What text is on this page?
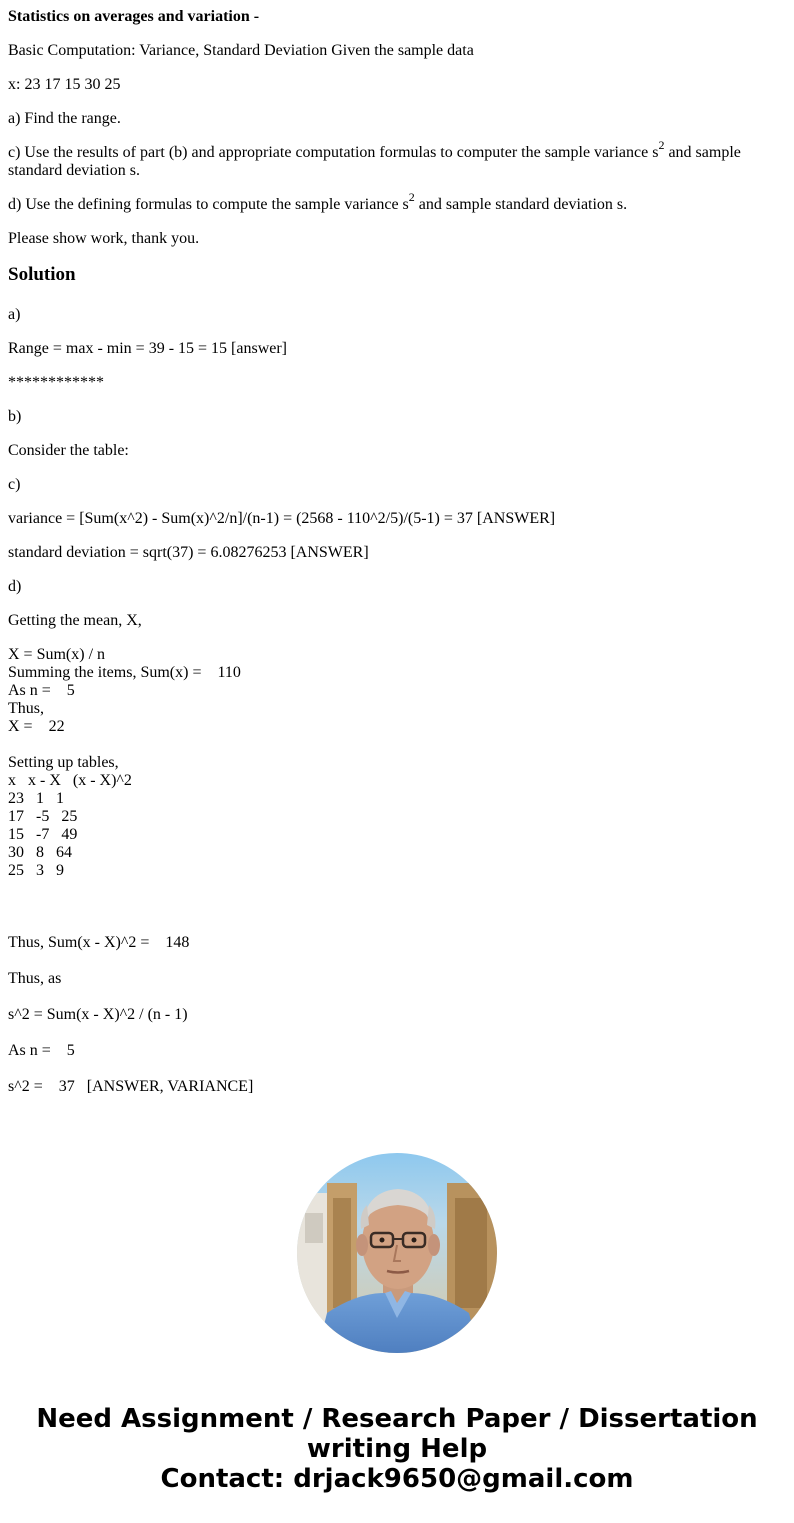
Statistics on averages and variation -

Basic Computation: Variance, Standard Deviation Given the sample data

x: 23 17 15 30 25

a) Find the range.

c) Use the results of part (b) and appropriate computation formulas to computer the sample variance $s^2$ and sample standard deviation s.

d) Use the defining formulas to compute the sample variance $s^2$ and sample standard deviation s.

Please show work, thank you.

Solution

a)

Range = max - min = 39 - 15 = 15 [answer]

************

b)

Consider the table:

c)

variance = [Sum(x^2) - Sum(x)^2/n]/(n-1) = (2568 - 110^2/5)/(5-1) = 37 [ANSWER]

standard deviation = sqrt(37) = 6.08276253 [ANSWER]

d)

Getting the mean, X,

X = Sum(x) / n
Summing the items, Sum(x) =    110
As n =    5
Thus,
X =    22
Setting up tables,
x   x - X   (x - X)^2
23   1   1
17   -5   25
15   -7   49
30   8   64
25   3   9

Thus, Sum(x - X)^2 =    148

Thus, as

s^2 = Sum(x - X)^2 / (n - 1)

As n =    5

s^2 =    37   [ANSWER, VARIANCE]

Need Assignment / Research Paper / Dissertation
writing Help
Contact: drjack9650@gmail.com
